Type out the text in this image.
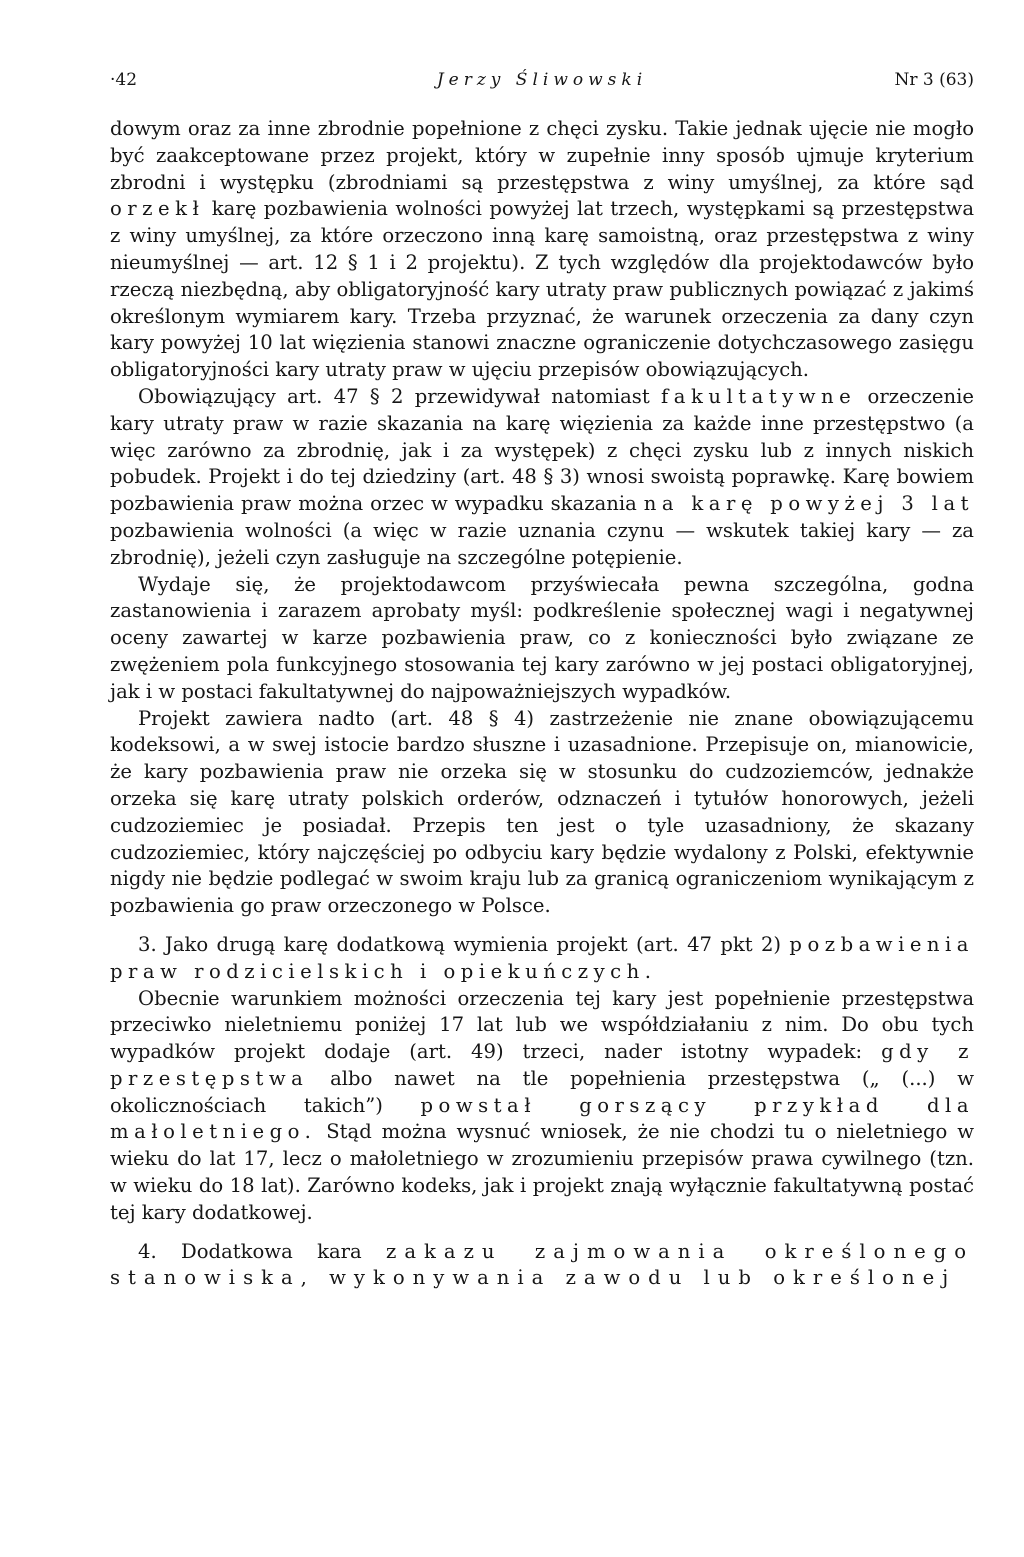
·42	Jerzy Śliwowski	Nr 3 (63)

dowym oraz za inne zbrodnie popełnione z chęci zysku. Takie jednak ujęcie nie mogło być zaakceptowane przez projekt, który w zupełnie inny sposób ujmuje kryterium zbrodni i występku (zbrodniami są przestępstwa z winy umyślnej, za które sąd orzekł karę pozbawienia wolności powyżej lat trzech, występkami są przestępstwa z winy umyślnej, za które orzeczono inną karę samoistną, oraz przestępstwa z winy nieumyślnej — art. 12 § 1 i 2 projektu). Z tych względów dla projektodawców było rzeczą niezbędną, aby obligatoryjność kary utraty praw publicznych powiązać z jakimś określonym wymiarem kary. Trzeba przyznać, że warunek orzeczenia za dany czyn kary powyżej 10 lat więzienia stanowi znaczne ograniczenie dotychczasowego zasięgu obligatoryjności kary utraty praw w ujęciu przepisów obowiązujących.

Obowiązujący art. 47 § 2 przewidywał natomiast fakultatywne orzeczenie kary utraty praw w razie skazania na karę więzienia za każde inne przestępstwo (a więc zarówno za zbrodnię, jak i za występek) z chęci zysku lub z innych niskich pobudek. Projekt i do tej dziedziny (art. 48 § 3) wnosi swoistą poprawkę. Karę bowiem pozbawienia praw można orzec w wypadku skazania na karę powyżej 3 lat pozbawienia wolności (a więc w razie uznania czynu — wskutek takiej kary — za zbrodnię), jeżeli czyn zasługuje na szczególne potępienie.

Wydaje się, że projektodawcom przyświecała pewna szczególna, godna zastanowienia i zarazem aprobaty myśl: podkreślenie społecznej wagi i negatywnej oceny zawartej w karze pozbawienia praw, co z konieczności było związane ze zwężeniem pola funkcyjnego stosowania tej kary zarówno w jej postaci obligatoryjnej, jak i w postaci fakultatywnej do najpoważniejszych wypadków.

Projekt zawiera nadto (art. 48 § 4) zastrzeżenie nie znane obowiązującemu kodeksowi, a w swej istocie bardzo słuszne i uzasadnione. Przepisuje on, mianowicie, że kary pozbawienia praw nie orzeka się w stosunku do cudzoziemców, jednakże orzeka się karę utraty polskich orderów, odznaczeń i tytułów honorowych, jeżeli cudzoziemiec je posiadał. Przepis ten jest o tyle uzasadniony, że skazany cudzoziemiec, który najczęściej po odbyciu kary będzie wydalony z Polski, efektywnie nigdy nie będzie podlegać w swoim kraju lub za granicą ograniczeniom wynikającym z pozbawienia go praw orzeczonego w Polsce.

3. Jako drugą karę dodatkową wymienia projekt (art. 47 pkt 2) pozbawienia praw rodzicielskich i opiekuńczych.

Obecnie warunkiem możności orzeczenia tej kary jest popełnienie przestępstwa przeciwko nieletniemu poniżej 17 lat lub we współdziałaniu z nim. Do obu tych wypadków projekt dodaje (art. 49) trzeci, nader istotny wypadek: gdy z przestępstwa albo nawet na tle popełnienia przestępstwa („ (...) w okolicznościach takich”) powstał gorszący przykład dla małoletniego. Stąd można wysnuć wniosek, że nie chodzi tu o nieletniego w wieku do lat 17, lecz o małoletniego w zrozumieniu przepisów prawa cywilnego (tzn. w wieku do 18 lat). Zarówno kodeks, jak i projekt znają wyłącznie fakultatywną postać tej kary dodatkowej.

4. Dodatkowa kara zakazu zajmowania określonego stanowiska, wykonywania zawodu lub określonej
